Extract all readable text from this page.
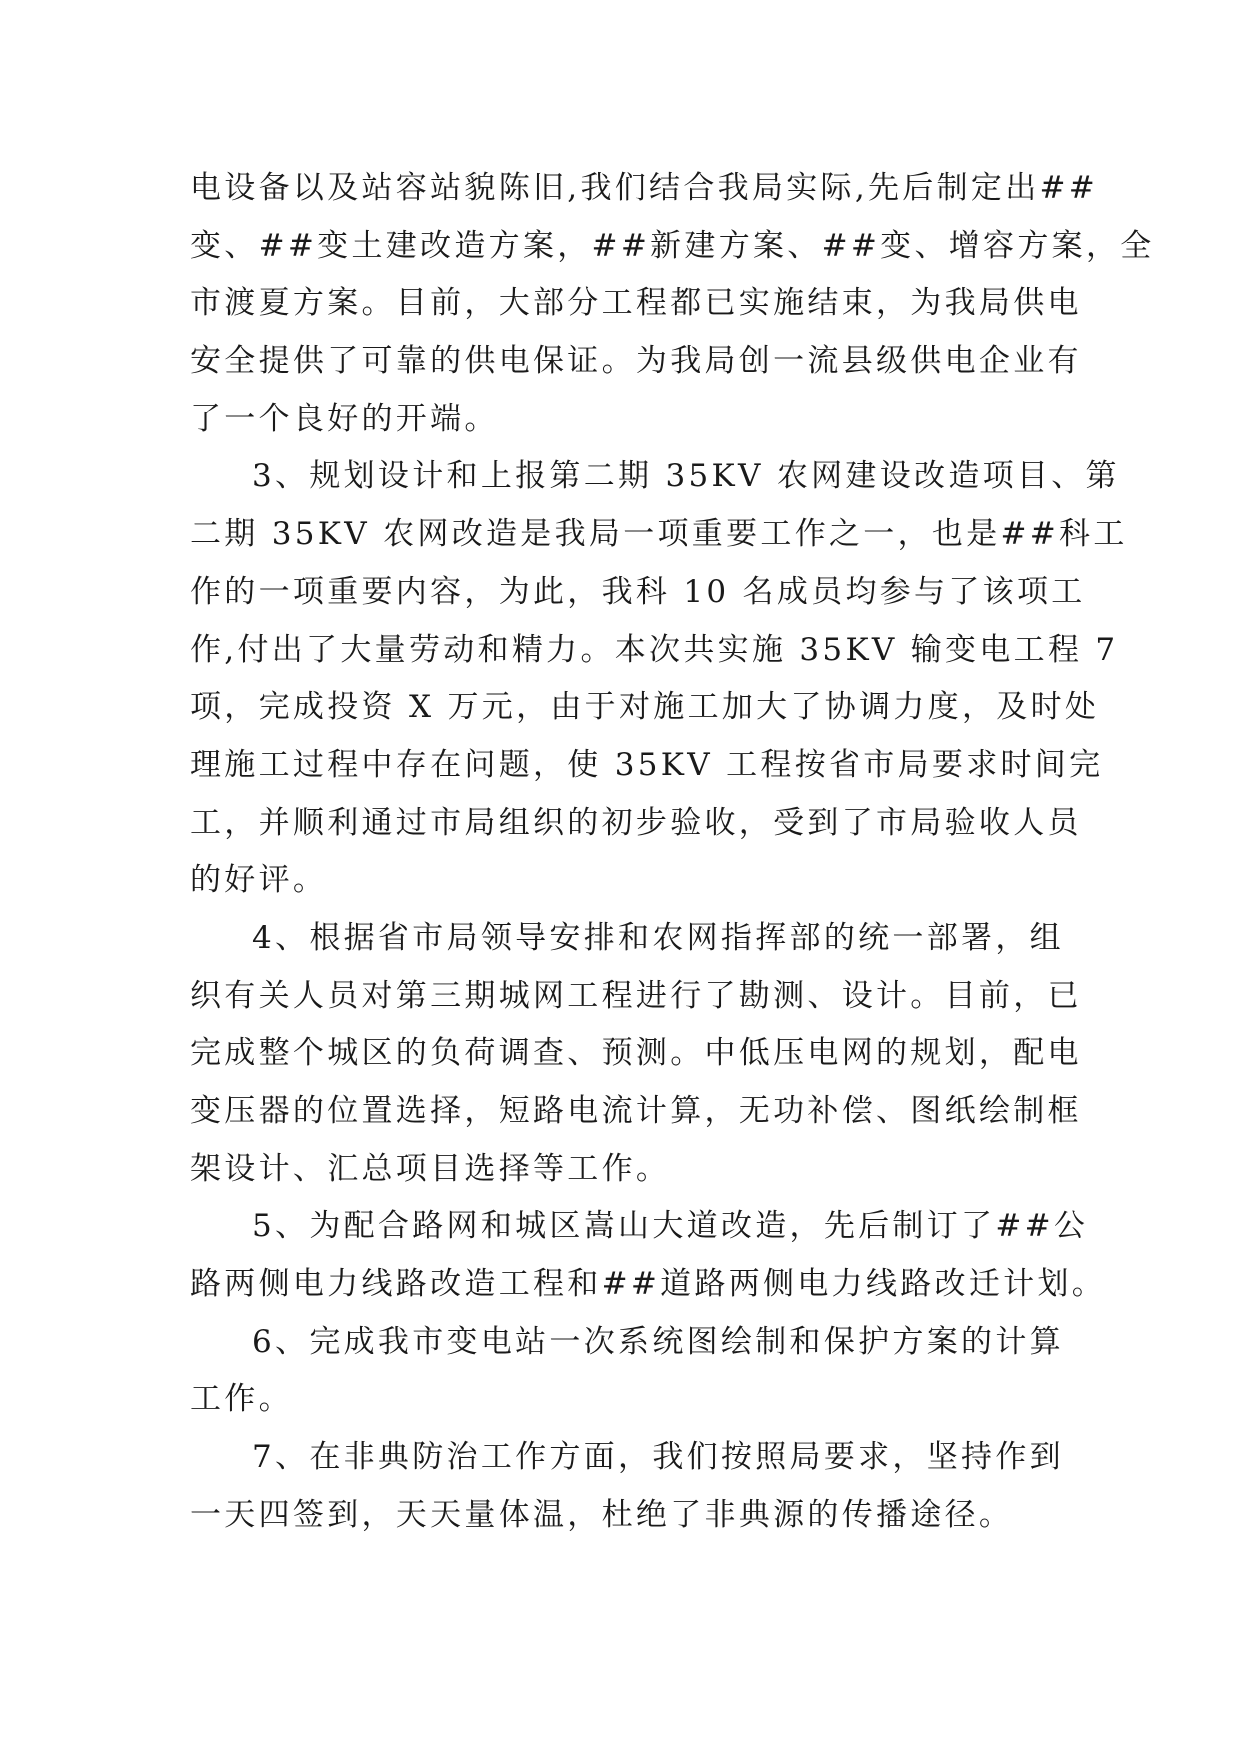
电设备以及站容站貌陈旧,我们结合我局实际,先后制定出##
变、##变土建改造方案，##新建方案、##变、增容方案，全
市渡夏方案。目前，大部分工程都已实施结束，为我局供电
安全提供了可靠的供电保证。为我局创一流县级供电企业有
了一个良好的开端。
3、规划设计和上报第二期 35KV 农网建设改造项目、第
二期 35KV 农网改造是我局一项重要工作之一，也是##科工
作的一项重要内容，为此，我科 10 名成员均参与了该项工
作,付出了大量劳动和精力。本次共实施 35KV 输变电工程 7
项，完成投资 X 万元，由于对施工加大了协调力度，及时处
理施工过程中存在问题，使 35KV 工程按省市局要求时间完
工，并顺利通过市局组织的初步验收，受到了市局验收人员
的好评。
4、根据省市局领导安排和农网指挥部的统一部署，组
织有关人员对第三期城网工程进行了勘测、设计。目前，已
完成整个城区的负荷调查、预测。中低压电网的规划，配电
变压器的位置选择，短路电流计算，无功补偿、图纸绘制框
架设计、汇总项目选择等工作。
5、为配合路网和城区嵩山大道改造，先后制订了##公
路两侧电力线路改造工程和##道路两侧电力线路改迁计划。
6、完成我市变电站一次系统图绘制和保护方案的计算
工作。
7、在非典防治工作方面，我们按照局要求，坚持作到
一天四签到，天天量体温，杜绝了非典源的传播途径。
